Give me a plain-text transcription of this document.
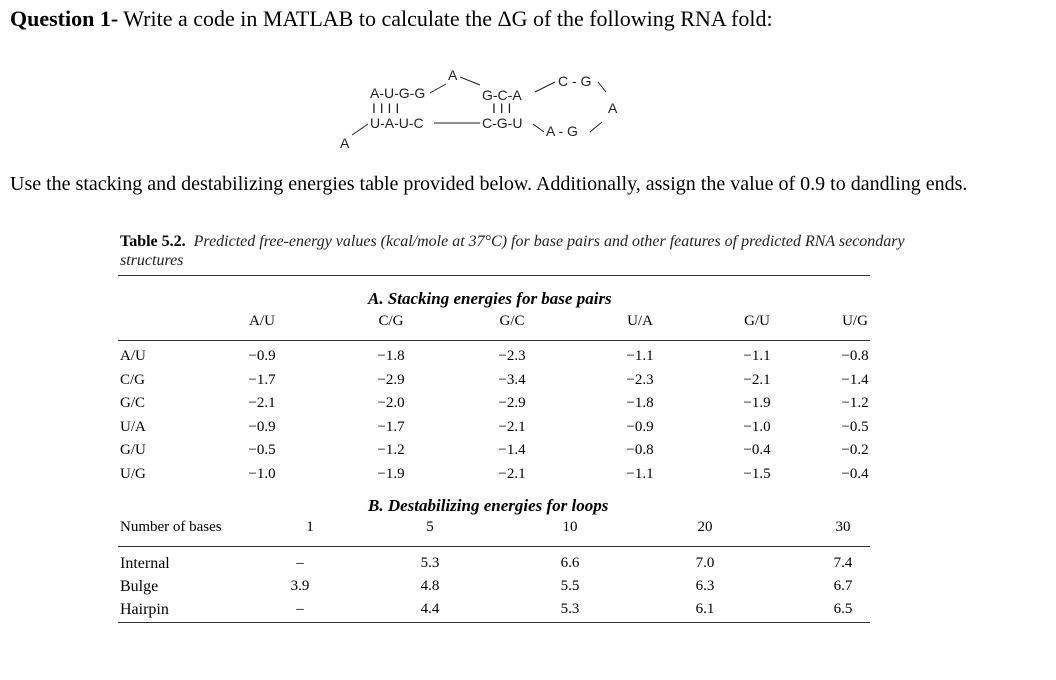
Question 1- Write a code in MATLAB to calculate the ΔG of the following RNA fold:
A-U-G-G
A
G-C-A
C - G
A
I I I I	I I I
U-A-U-C	C-G-U A - G
A
Use the stacking and destabilizing energies table provided below. Additionally, assign the value of 0.9 to dandling ends.
Table 5.2. Predicted free-energy values (kcal/mole at 37°C) for base pairs and other features of predicted RNA secondary structures
A. Stacking energies for base pairs
A/U	C/G	G/C	U/A	G/U	U/G
A/U	−0.9	−1.8	−2.3	−1.1	−1.1	−0.8
C/G	−1.7	−2.9	−3.4	−2.3	−2.1	−1.4
G/C	−2.1	−2.0	−2.9	−1.8	−1.9	−1.2
U/A	−0.9	−1.7	−2.1	−0.9	−1.0	−0.5
G/U	−0.5	−1.2	−1.4	−0.8	−0.4	−0.2
U/G	−1.0	−1.9	−2.1	−1.1	−1.5	−0.4
B. Destabilizing energies for loops
Number of bases	1	5	10	20	30
Internal	–	5.3	6.6	7.0	7.4
Bulge	3.9	4.8	5.5	6.3	6.7
Hairpin	–	4.4	5.3	6.1	6.5
